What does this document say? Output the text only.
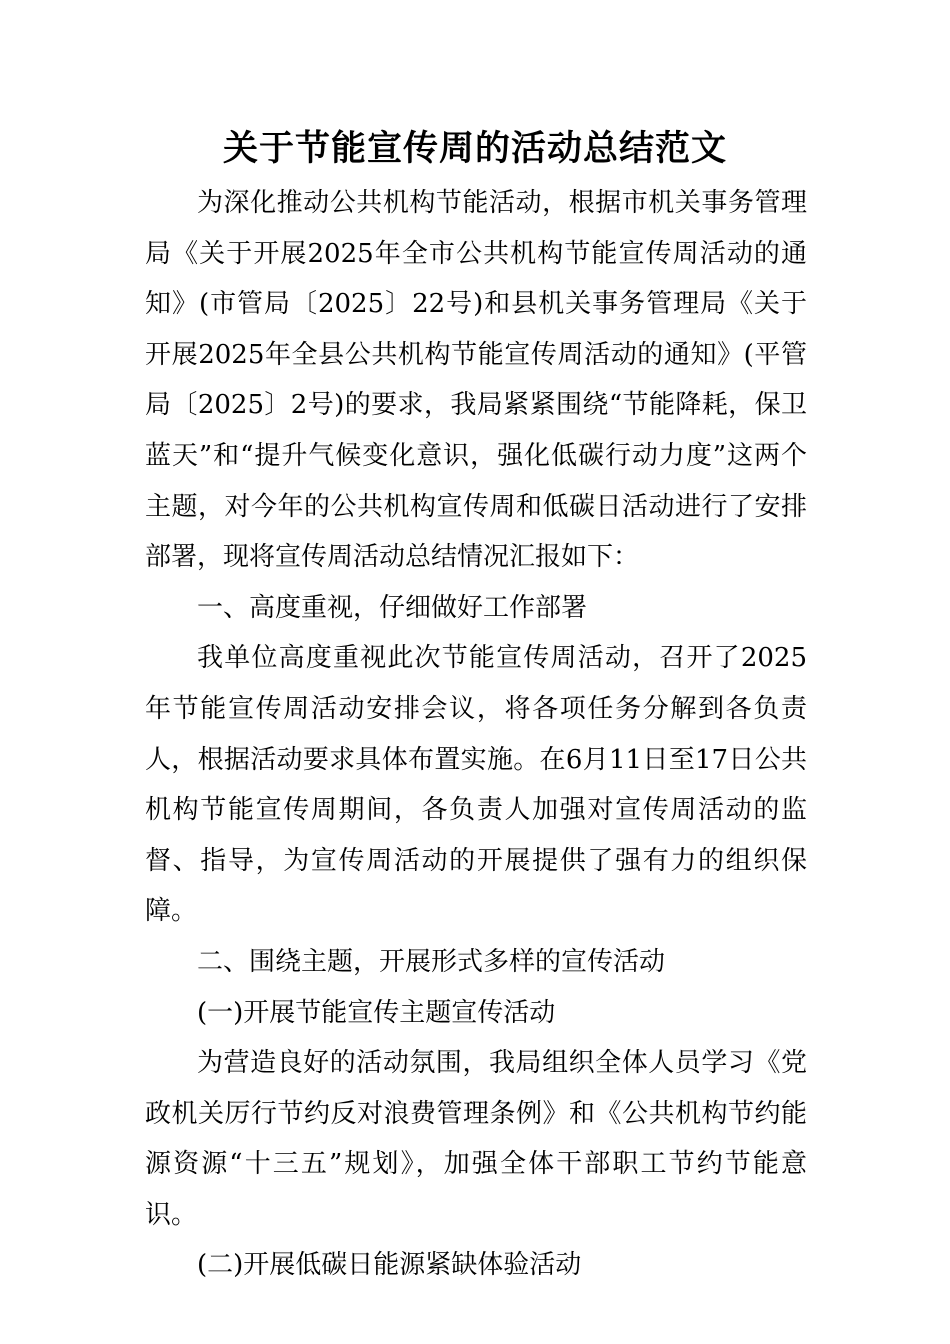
关于节能宣传周的活动总结范文

为深化推动公共机构节能活动，根据市机关事务管理局《关于开展2025年全市公共机构节能宣传周活动的通知》(市管局〔2025〕22号)和县机关事务管理局《关于开展2025年全县公共机构节能宣传周活动的通知》(平管局〔2025〕2号)的要求，我局紧紧围绕“节能降耗，保卫蓝天”和“提升气候变化意识，强化低碳行动力度”这两个主题，对今年的公共机构宣传周和低碳日活动进行了安排部署，现将宣传周活动总结情况汇报如下：

一、高度重视，仔细做好工作部署

我单位高度重视此次节能宣传周活动，召开了2025年节能宣传周活动安排会议，将各项任务分解到各负责人，根据活动要求具体布置实施。在6月11日至17日公共机构节能宣传周期间，各负责人加强对宣传周活动的监督、指导，为宣传周活动的开展提供了强有力的组织保障。

二、围绕主题，开展形式多样的宣传活动

(一)开展节能宣传主题宣传活动

为营造良好的活动氛围，我局组织全体人员学习《党政机关厉行节约反对浪费管理条例》和《公共机构节约能源资源“十三五”规划》，加强全体干部职工节约节能意识。

(二)开展低碳日能源紧缺体验活动
